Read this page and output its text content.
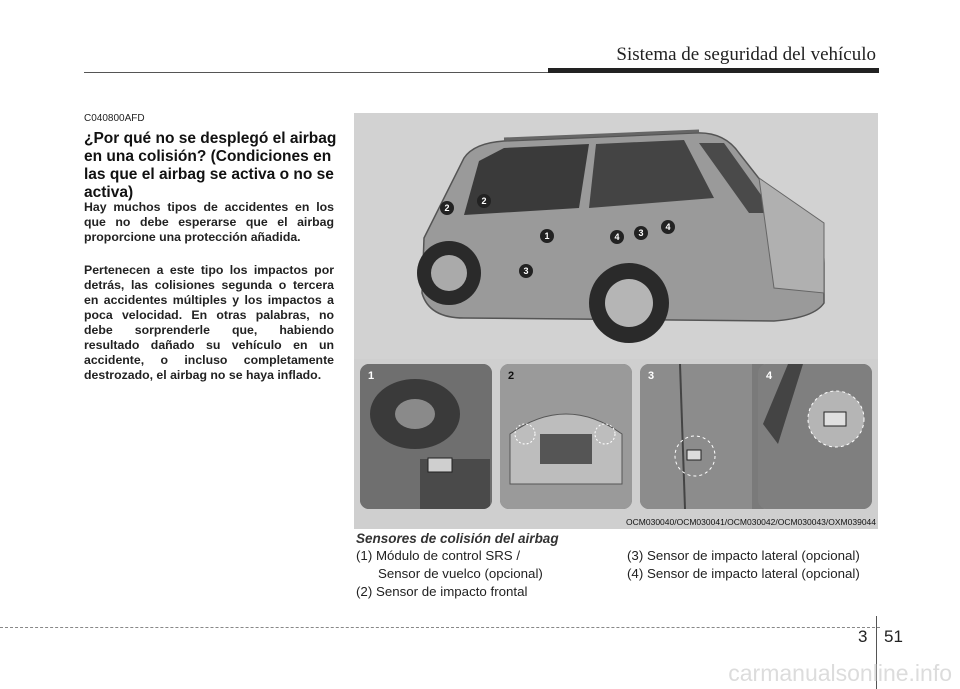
Sistema de seguridad del vehículo
C040800AFD
¿Por qué no se desplegó el airbag en una colisión? (Condiciones en las que el airbag se activa o no se activa)

Hay muchos tipos de accidentes en los que no debe esperarse que el airbag proporcione una protección añadida.

Pertenecen a este tipo los impactos por detrás, las colisiones segunda o tercera en accidentes múltiples y los impactos a poca velocidad. En otras palabras, no debe sorprenderle que, habiendo resultado dañado su vehículo en un accidente, o incluso completamente destrozado, el airbag no se haya inflado.

1
2
2
3
3
4
4
1	2	3	4
OCM030040/OCM030041/OCM030042/OCM030043/OXM039044
Sensores de colisión del airbag
(1) Módulo de control SRS /
Sensor de vuelco (opcional)
(2) Sensor de impacto frontal
(3) Sensor de impacto lateral (opcional)
(4) Sensor de impacto lateral (opcional)
3 51
carmanualsonline.info
